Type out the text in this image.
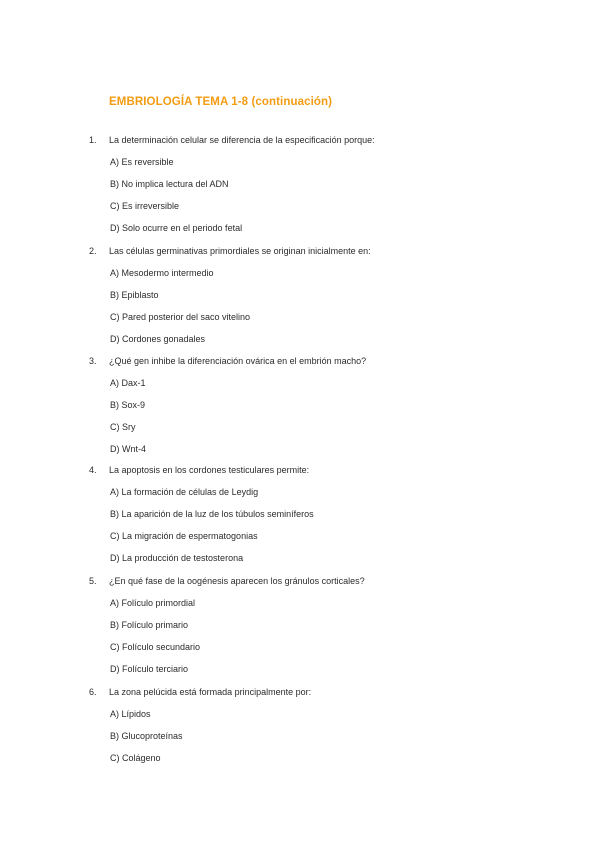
EMBRIOLOGÍA TEMA 1-8 (continuación)
1. La determinación celular se diferencia de la especificación porque:
A) Es reversible
B) No implica lectura del ADN
C) Es irreversible
D) Solo ocurre en el periodo fetal
2. Las células germinativas primordiales se originan inicialmente en:
A) Mesodermo intermedio
B) Epiblasto
C) Pared posterior del saco vitelino
D) Cordones gonadales
3. ¿Qué gen inhibe la diferenciación ovárica en el embrión macho?
A) Dax-1
B) Sox-9
C) Sry
D) Wnt-4
4. La apoptosis en los cordones testiculares permite:
A) La formación de células de Leydig
B) La aparición de la luz de los túbulos seminíferos
C) La migración de espermatogonias
D) La producción de testosterona
5. ¿En qué fase de la oogénesis aparecen los gránulos corticales?
A) Folículo primordial
B) Folículo primario
C) Folículo secundario
D) Folículo terciario
6. La zona pelúcida está formada principalmente por:
A) Lípidos
B) Glucoproteínas
C) Colágeno
